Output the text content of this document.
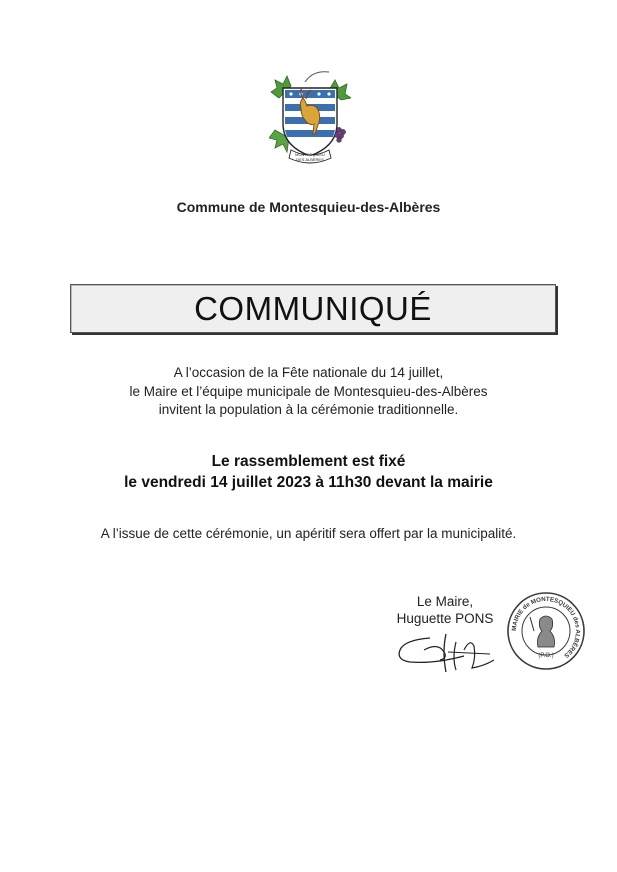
MONTESQUIEU
DES ALBÈRES
Commune de Montesquieu-des-Albères
COMMUNIQUÉ
A l’occasion de la Fête nationale du 14 juillet,
le Maire et l’équipe municipale de Montesquieu-des-Albères
invitent la population à la cérémonie traditionnelle.
Le rassemblement est fixé
le vendredi 14 juillet 2023 à 11h30 devant la mairie
A l’issue de cette cérémonie, un apéritif sera offert par la municipalité.
Le Maire,
Huguette PONS
MAIRIE de MONTESQUIEU des ALBÈRES
(P.O.)
